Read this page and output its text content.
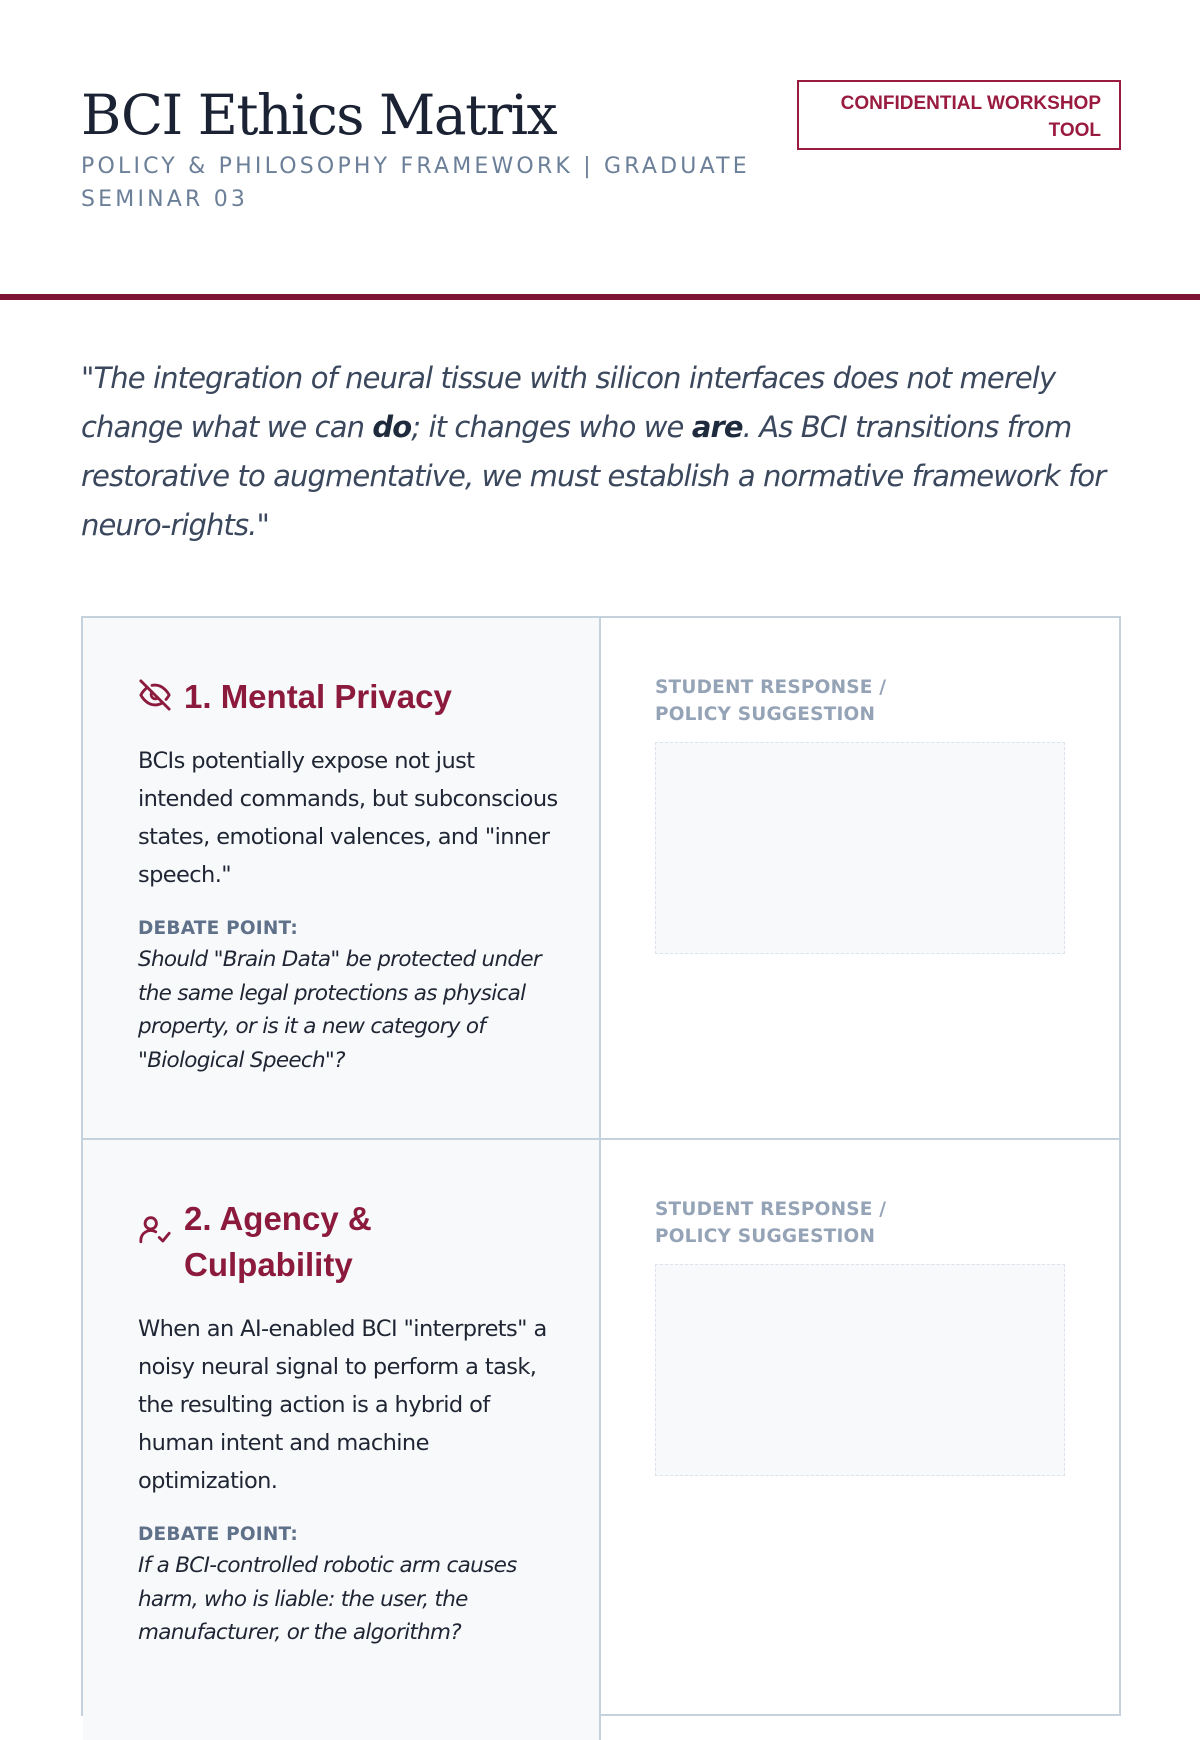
BCI Ethics Matrix
POLICY & PHILOSOPHY FRAMEWORK | GRADUATE SEMINAR 03
CONFIDENTIAL WORKSHOP TOOL

"The integration of neural tissue with silicon interfaces does not merely change what we can do; it changes who we are. As BCI transitions from restorative to augmentative, we must establish a normative framework for neuro-rights."

1. Mental Privacy

BCIs potentially expose not just intended commands, but subconscious states, emotional valences, and "inner speech."

DEBATE POINT:

Should "Brain Data" be protected under the same legal protections as physical property, or is it a new category of "Biological Speech"?

STUDENT RESPONSE / POLICY SUGGESTION
2. Agency & Culpability

When an AI-enabled BCI "interprets" a noisy neural signal to perform a task, the resulting action is a hybrid of human intent and machine optimization.

DEBATE POINT:

If a BCI-controlled robotic arm causes harm, who is liable: the user, the manufacturer, or the algorithm?

STUDENT RESPONSE / POLICY SUGGESTION
